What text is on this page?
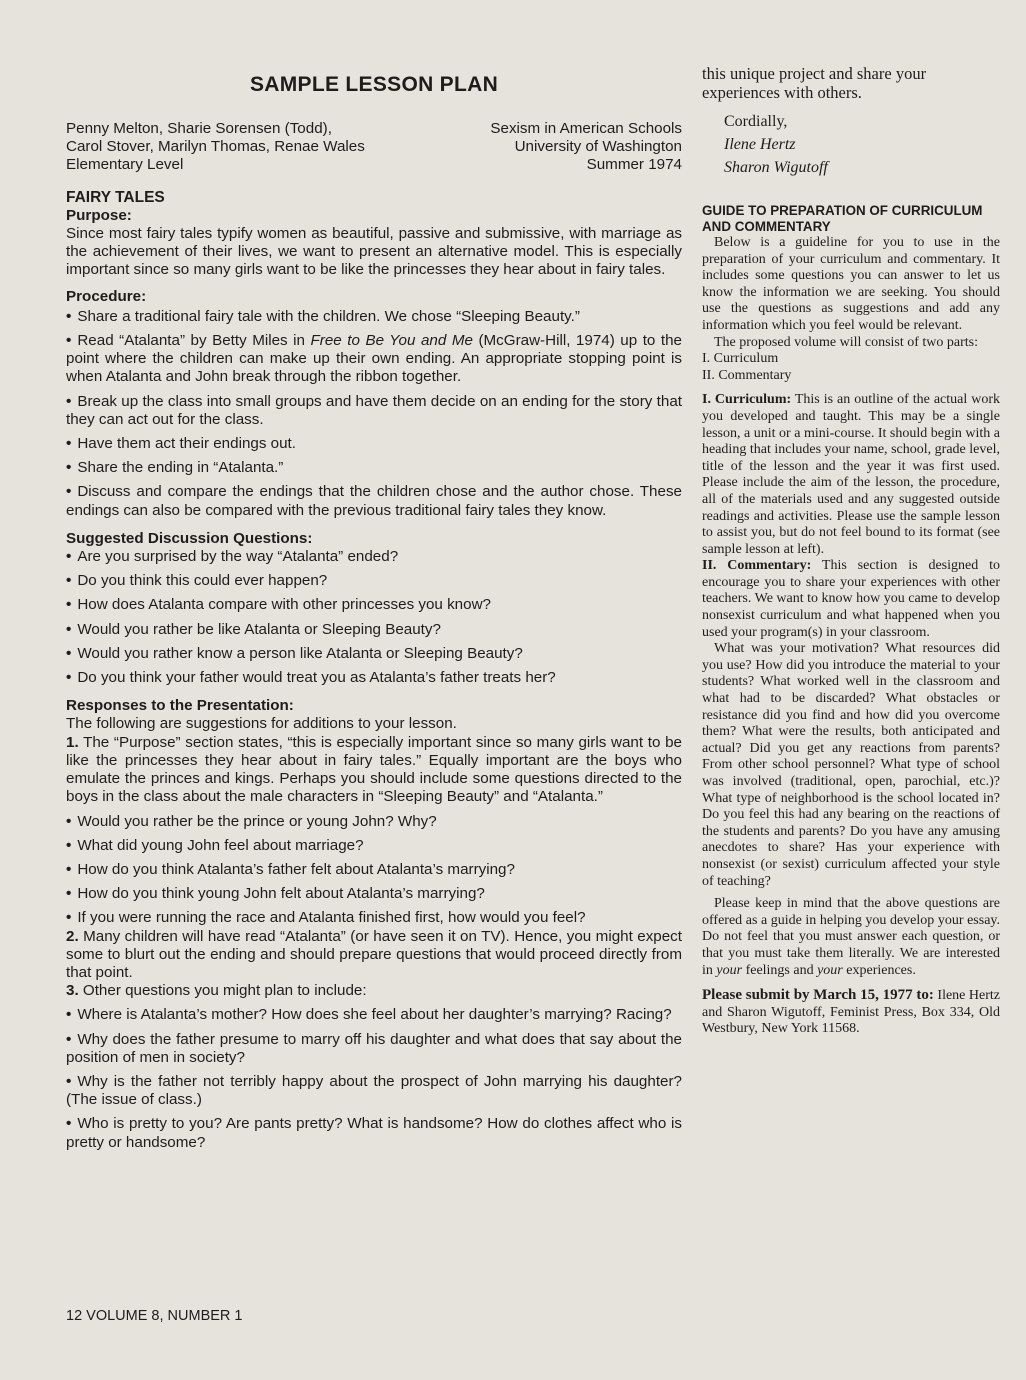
SAMPLE LESSON PLAN
Penny Melton, Sharie Sorensen (Todd),
Carol Stover, Marilyn Thomas, Renae Wales
Elementary Level
Sexism in American Schools
University of Washington
Summer 1974
FAIRY TALES
Purpose:

Since most fairy tales typify women as beautiful, passive and submissive, with marriage as the achievement of their lives, we want to present an alternative model. This is especially important since so many girls want to be like the princesses they hear about in fairy tales.

Procedure:

• Share a traditional fairy tale with the children. We chose “Sleeping Beauty.”

• Read “Atalanta” by Betty Miles in Free to Be You and Me (McGraw-Hill, 1974) up to the point where the children can make up their own ending. An appropriate stopping point is when Atalanta and John break through the ribbon together.

• Break up the class into small groups and have them decide on an ending for the story that they can act out for the class.

• Have them act their endings out.

• Share the ending in “Atalanta.”

• Discuss and compare the endings that the children chose and the author chose. These endings can also be compared with the previous traditional fairy tales they know.

Suggested Discussion Questions:

• Are you surprised by the way “Atalanta” ended?

• Do you think this could ever happen?

• How does Atalanta compare with other princesses you know?

• Would you rather be like Atalanta or Sleeping Beauty?

• Would you rather know a person like Atalanta or Sleeping Beauty?

• Do you think your father would treat you as Atalanta’s father treats her?

Responses to the Presentation:

The following are suggestions for additions to your lesson.

1. The “Purpose” section states, “this is especially important since so many girls want to be like the princesses they hear about in fairy tales.” Equally important are the boys who emulate the princes and kings. Perhaps you should include some questions directed to the boys in the class about the male characters in “Sleeping Beauty” and “Atalanta.”

• Would you rather be the prince or young John? Why?

• What did young John feel about marriage?

• How do you think Atalanta’s father felt about Atalanta’s marrying?

• How do you think young John felt about Atalanta’s marrying?

• If you were running the race and Atalanta finished first, how would you feel?

2. Many children will have read “Atalanta” (or have seen it on TV). Hence, you might expect some to blurt out the ending and should prepare questions that would proceed directly from that point.

3. Other questions you might plan to include:

• Where is Atalanta’s mother? How does she feel about her daughter’s marrying? Racing?

• Why does the father presume to marry off his daughter and what does that say about the position of men in society?

• Why is the father not terribly happy about the prospect of John marrying his daughter? (The issue of class.)

• Who is pretty to you? Are pants pretty? What is handsome? How do clothes affect who is pretty or handsome?

this unique project and share your experiences with others.

Cordially,
Ilene Hertz
Sharon Wigutoff
GUIDE TO PREPARATION OF CURRICULUM AND COMMENTARY

Below is a guideline for you to use in the preparation of your curriculum and commentary. It includes some questions you can answer to let us know the information we are seeking. You should use the questions as suggestions and add any information which you feel would be relevant.

The proposed volume will consist of two parts:

I. Curriculum

II. Commentary

I. Curriculum: This is an outline of the actual work you developed and taught. This may be a single lesson, a unit or a mini-course. It should begin with a heading that includes your name, school, grade level, title of the lesson and the year it was first used. Please include the aim of the lesson, the procedure, all of the materials used and any suggested outside readings and activities. Please use the sample lesson to assist you, but do not feel bound to its format (see sample lesson at left).

II. Commentary: This section is designed to encourage you to share your experiences with other teachers. We want to know how you came to develop nonsexist curriculum and what happened when you used your program(s) in your classroom.

What was your motivation? What resources did you use? How did you introduce the material to your students? What worked well in the classroom and what had to be discarded? What obstacles or resistance did you find and how did you overcome them? What were the results, both anticipated and actual? Did you get any reactions from parents? From other school personnel? What type of school was involved (traditional, open, parochial, etc.)? What type of neighborhood is the school located in? Do you feel this had any bearing on the reactions of the students and parents? Do you have any amusing anecdotes to share? Has your experience with nonsexist (or sexist) curriculum affected your style of teaching?

Please keep in mind that the above questions are offered as a guide in helping you develop your essay. Do not feel that you must answer each question, or that you must take them literally. We are interested in your feelings and your experiences.

Please submit by March 15, 1977 to: Ilene Hertz and Sharon Wigutoff, Feminist Press, Box 334, Old Westbury, New York 11568.

12 VOLUME 8, NUMBER 1
